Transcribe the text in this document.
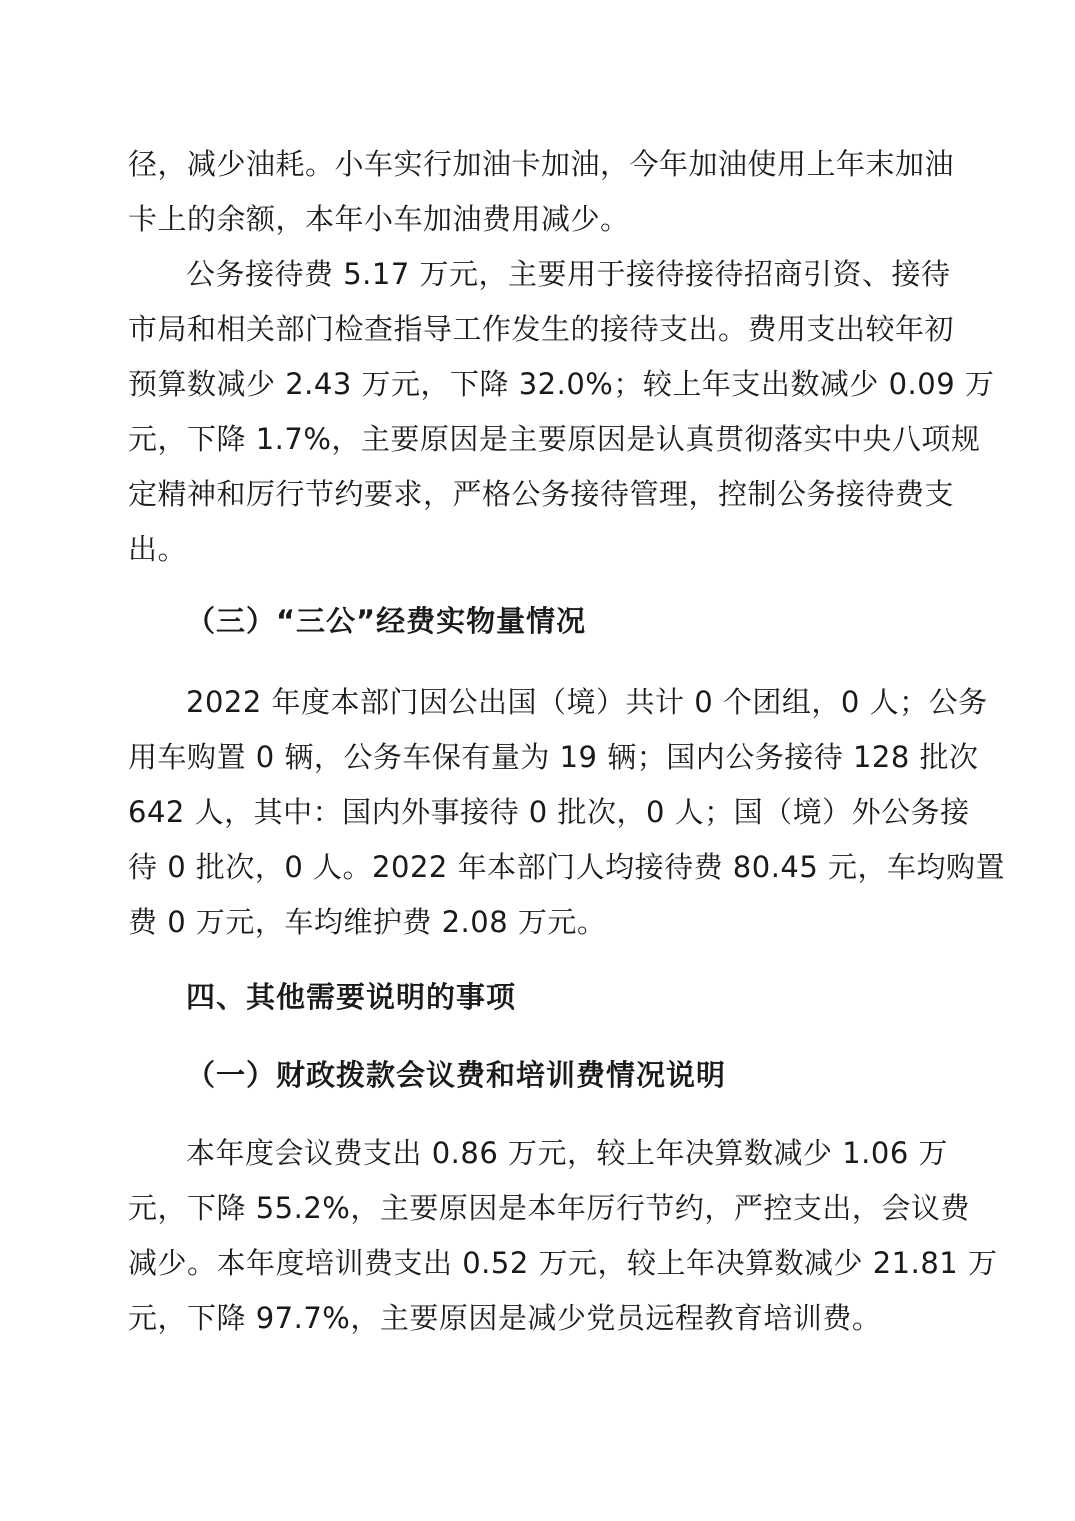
径，减少油耗。小车实行加油卡加油，今年加油使用上年末加油
卡上的余额，本年小车加油费用减少。
公务接待费 5.17 万元，主要用于接待接待招商引资、接待
市局和相关部门检查指导工作发生的接待支出。费用支出较年初
预算数减少 2.43 万元，下降 32.0%；较上年支出数减少 0.09 万
元，下降 1.7%，主要原因是主要原因是认真贯彻落实中央八项规
定精神和厉行节约要求，严格公务接待管理，控制公务接待费支
出。
（三）“三公”经费实物量情况
2022 年度本部门因公出国（境）共计 0 个团组，0 人；公务
用车购置 0 辆，公务车保有量为 19 辆；国内公务接待 128 批次
642 人，其中：国内外事接待 0 批次，0 人；国（境）外公务接
待 0 批次，0 人。2022 年本部门人均接待费 80.45 元，车均购置
费 0 万元，车均维护费 2.08 万元。
四、其他需要说明的事项
（一）财政拨款会议费和培训费情况说明
本年度会议费支出 0.86 万元，较上年决算数减少 1.06 万
元，下降 55.2%，主要原因是本年厉行节约，严控支出，会议费
减少。本年度培训费支出 0.52 万元，较上年决算数减少 21.81 万
元，下降 97.7%，主要原因是减少党员远程教育培训费。
